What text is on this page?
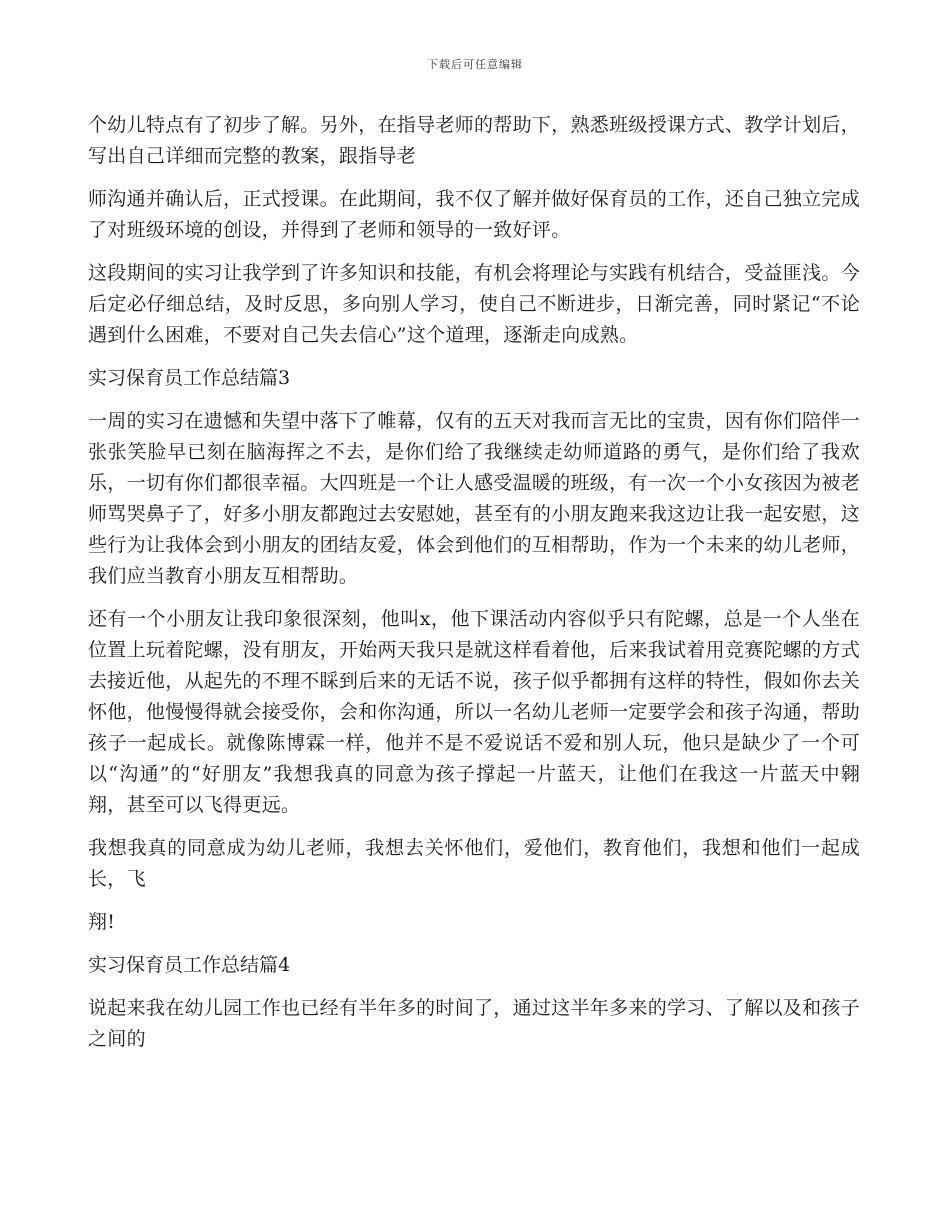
下载后可任意编辑

个幼儿特点有了初步了解。另外，在指导老师的帮助下，熟悉班级授课方式、教学计划后，写出自己详细而完整的教案，跟指导老

师沟通并确认后，正式授课。在此期间，我不仅了解并做好保育员的工作，还自己独立完成了对班级环境的创设，并得到了老师和领导的一致好评。

这段期间的实习让我学到了许多知识和技能，有机会将理论与实践有机结合，受益匪浅。今后定必仔细总结，及时反思，多向别人学习，使自己不断进步，日渐完善，同时紧记“不论遇到什么困难，不要对自己失去信心”这个道理，逐渐走向成熟。

实习保育员工作总结篇3

一周的实习在遗憾和失望中落下了帷幕，仅有的五天对我而言无比的宝贵，因有你们陪伴一张张笑脸早已刻在脑海挥之不去，是你们给了我继续走幼师道路的勇气，是你们给了我欢乐，一切有你们都很幸福。大四班是一个让人感受温暖的班级，有一次一个小女孩因为被老师骂哭鼻子了，好多小朋友都跑过去安慰她，甚至有的小朋友跑来我这边让我一起安慰，这些行为让我体会到小朋友的团结友爱，体会到他们的互相帮助，作为一个未来的幼儿老师，我们应当教育小朋友互相帮助。

还有一个小朋友让我印象很深刻，他叫x，他下课活动内容似乎只有陀螺，总是一个人坐在位置上玩着陀螺，没有朋友，开始两天我只是就这样看着他，后来我试着用竞赛陀螺的方式去接近他，从起先的不理不睬到后来的无话不说，孩子似乎都拥有这样的特性，假如你去关怀他，他慢慢得就会接受你，会和你沟通，所以一名幼儿老师一定要学会和孩子沟通，帮助孩子一起成长。就像陈博霖一样，他并不是不爱说话不爱和别人玩，他只是缺少了一个可以“沟通”的“好朋友”我想我真的同意为孩子撑起一片蓝天，让他们在我这一片蓝天中翱翔，甚至可以飞得更远。

我想我真的同意成为幼儿老师，我想去关怀他们，爱他们，教育他们，我想和他们一起成长，飞

翔!

实习保育员工作总结篇4

说起来我在幼儿园工作也已经有半年多的时间了，通过这半年多来的学习、了解以及和孩子之间的
